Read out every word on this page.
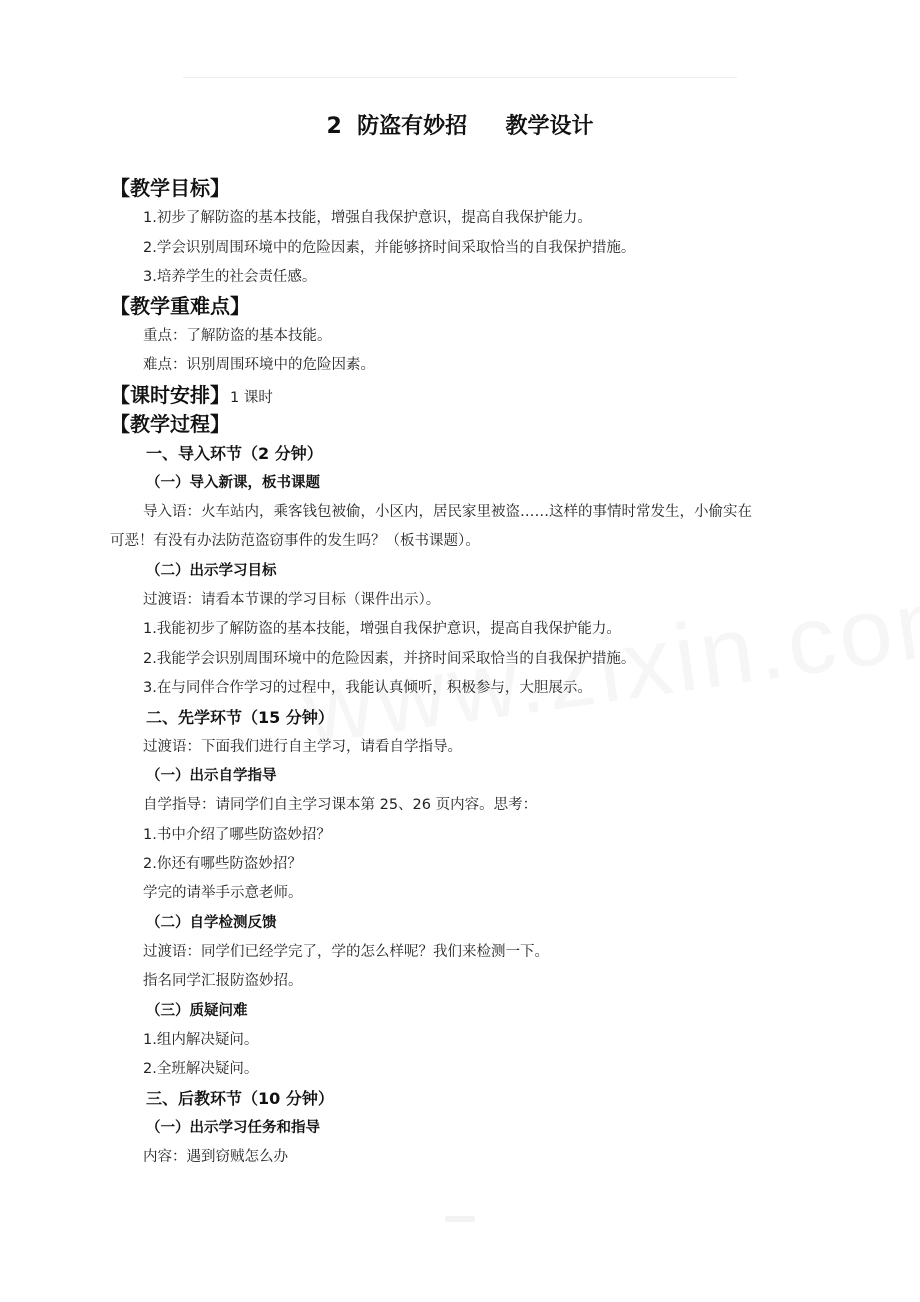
2  防盗有妙招     教学设计
【教学目标】
1.初步了解防盗的基本技能，增强自我保护意识，提高自我保护能力。
2.学会识别周围环境中的危险因素，并能够挤时间采取恰当的自我保护措施。
3.培养学生的社会责任感。
【教学重难点】
重点：了解防盗的基本技能。
难点：识别周围环境中的危险因素。
【课时安排】1 课时
【教学过程】
一、导入环节（2 分钟）
（一）导入新课，板书课题
导入语：火车站内，乘客钱包被偷，小区内，居民家里被盗……这样的事情时常发生，小偷实在
可恶！有没有办法防范盗窃事件的发生吗？（板书课题）。
（二）出示学习目标
过渡语：请看本节课的学习目标（课件出示）。
1.我能初步了解防盗的基本技能，增强自我保护意识，提高自我保护能力。
2.我能学会识别周围环境中的危险因素，并挤时间采取恰当的自我保护措施。
3.在与同伴合作学习的过程中，我能认真倾听，积极参与，大胆展示。
二、先学环节（15 分钟）
过渡语：下面我们进行自主学习，请看自学指导。
（一）出示自学指导
自学指导：请同学们自主学习课本第 25、26 页内容。思考：
1.书中介绍了哪些防盗妙招？
2.你还有哪些防盗妙招？
学完的请举手示意老师。
（二）自学检测反馈
过渡语：同学们已经学完了，学的怎么样呢？我们来检测一下。
指名同学汇报防盗妙招。
（三）质疑问难
1.组内解决疑问。
2.全班解决疑问。
三、后教环节（10 分钟）
（一）出示学习任务和指导
内容：遇到窃贼怎么办
